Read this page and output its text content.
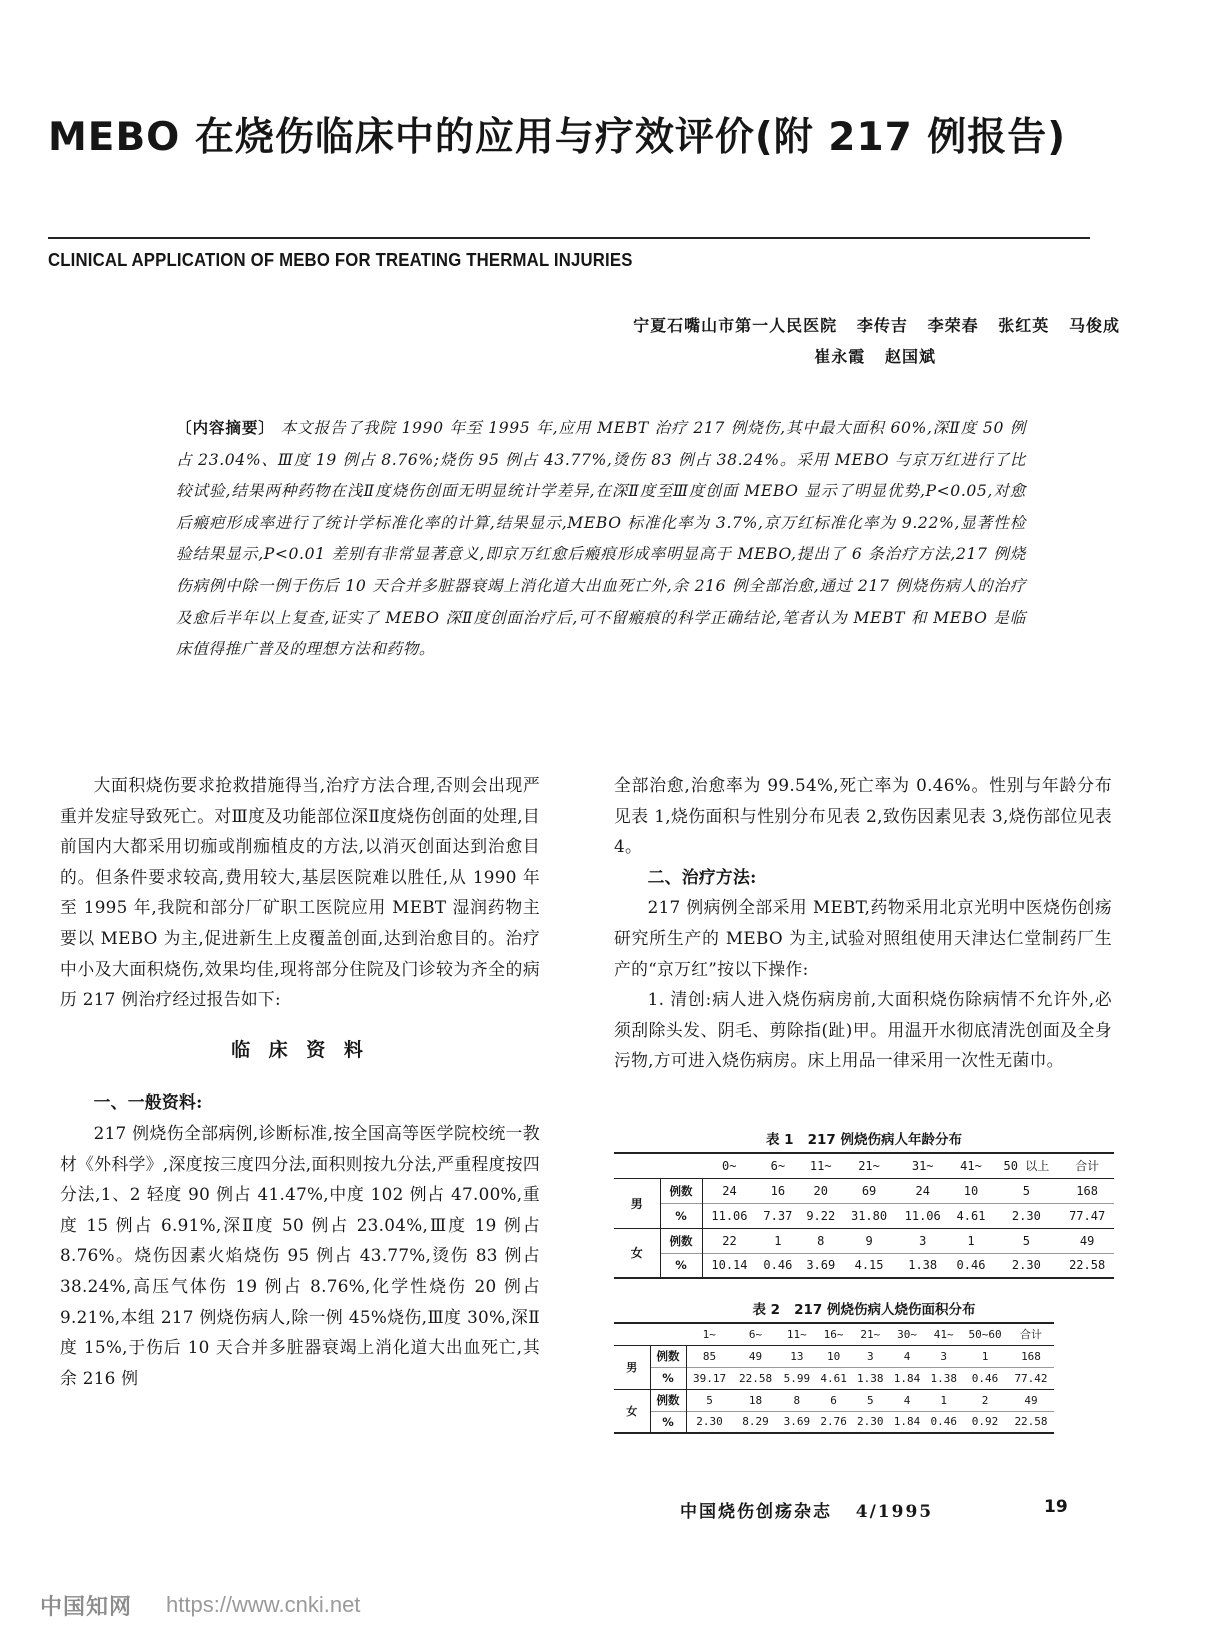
MEBO 在烧伤临床中的应用与疗效评价(附 217 例报告)
CLINICAL APPLICATION OF MEBO FOR TREATING THERMAL INJURIES
宁夏石嘴山市第一人民医院   李传吉   李荣春   张红英   马俊成
崔永霞   赵国斌
〔内容摘要〕 本文报告了我院 1990 年至 1995 年,应用 MEBT 治疗 217 例烧伤,其中最大面积 60%,深Ⅱ度 50 例占 23.04%、Ⅲ度 19 例占 8.76%;烧伤 95 例占 43.77%,烫伤 83 例占 38.24%。采用 MEBO 与京万红进行了比较试验,结果两种药物在浅Ⅱ度烧伤创面无明显统计学差异,在深Ⅱ度至Ⅲ度创面 MEBO 显示了明显优势,P<0.05,对愈后瘢疤形成率进行了统计学标准化率的计算,结果显示,MEBO 标准化率为 3.7%,京万红标准化率为 9.22%,显著性检验结果显示,P<0.01 差别有非常显著意义,即京万红愈后瘢痕形成率明显高于 MEBO,提出了 6 条治疗方法,217 例烧伤病例中除一例于伤后 10 天合并多脏器衰竭上消化道大出血死亡外,余 216 例全部治愈,通过 217 例烧伤病人的治疗及愈后半年以上复查,证实了 MEBO 深Ⅱ度创面治疗后,可不留瘢痕的科学正确结论,笔者认为 MEBT 和 MEBO 是临床值得推广普及的理想方法和药物。

大面积烧伤要求抢救措施得当,治疗方法合理,否则会出现严重并发症导致死亡。对Ⅲ度及功能部位深Ⅱ度烧伤创面的处理,目前国内大都采用切痂或削痂植皮的方法,以消灭创面达到治愈目的。但条件要求较高,费用较大,基层医院难以胜任,从 1990 年至 1995 年,我院和部分厂矿职工医院应用 MEBT 湿润药物主要以 MEBO 为主,促进新生上皮覆盖创面,达到治愈目的。治疗中小及大面积烧伤,效果均佳,现将部分住院及门诊较为齐全的病历 217 例治疗经过报告如下:

临 床 资 料

一、一般资料:

217 例烧伤全部病例,诊断标准,按全国高等医学院校统一教材《外科学》,深度按三度四分法,面积则按九分法,严重程度按四分法,1、2 轻度 90 例占 41.47%,中度 102 例占 47.00%,重度 15 例占 6.91%,深Ⅱ度 50 例占 23.04%,Ⅲ度 19 例占 8.76%。烧伤因素火焰烧伤 95 例占 43.77%,烫伤 83 例占 38.24%,高压气体伤 19 例占 8.76%,化学性烧伤 20 例占 9.21%,本组 217 例烧伤病人,除一例 45%烧伤,Ⅲ度 30%,深Ⅱ度 15%,于伤后 10 天合并多脏器衰竭上消化道大出血死亡,其余 216 例

全部治愈,治愈率为 99.54%,死亡率为 0.46%。性别与年龄分布见表 1,烧伤面积与性别分布见表 2,致伤因素见表 3,烧伤部位见表 4。

二、治疗方法:

217 例病例全部采用 MEBT,药物采用北京光明中医烧伤创疡研究所生产的 MEBO 为主,试验对照组使用天津达仁堂制药厂生产的“京万红”按以下操作:

1. 清创:病人进入烧伤病房前,大面积烧伤除病情不允许外,必须刮除头发、阴毛、剪除指(趾)甲。用温开水彻底清洗创面及全身污物,方可进入烧伤病房。床上用品一律采用一次性无菌巾。

表 1   217 例烧伤病人年龄分布
		0~	6~	11~	21~	31~	41~	50 以上	合计
男	例数	24	16	20	69	24	10	5	168
	%	11.06	7.37	9.22	31.80	11.06	4.61	2.30	77.47
女	例数	22	1	8	9	3	1	5	49
	%	10.14	0.46	3.69	4.15	1.38	0.46	2.30	22.58
表 2   217 例烧伤病人烧伤面积分布
		1~	6~	11~	16~	21~	30~	41~	50~60	合计
男	例数	85	49	13	10	3	4	3	1	168
	%	39.17	22.58	5.99	4.61	1.38	1.84	1.38	0.46	77.42
女	例数	5	18	8	6	5	4	1	2	49
	%	2.30	8.29	3.69	2.76	2.30	1.84	0.46	0.92	22.58
中国烧伤创疡杂志   4/1995	19
中国知网 https://www.cnki.net
